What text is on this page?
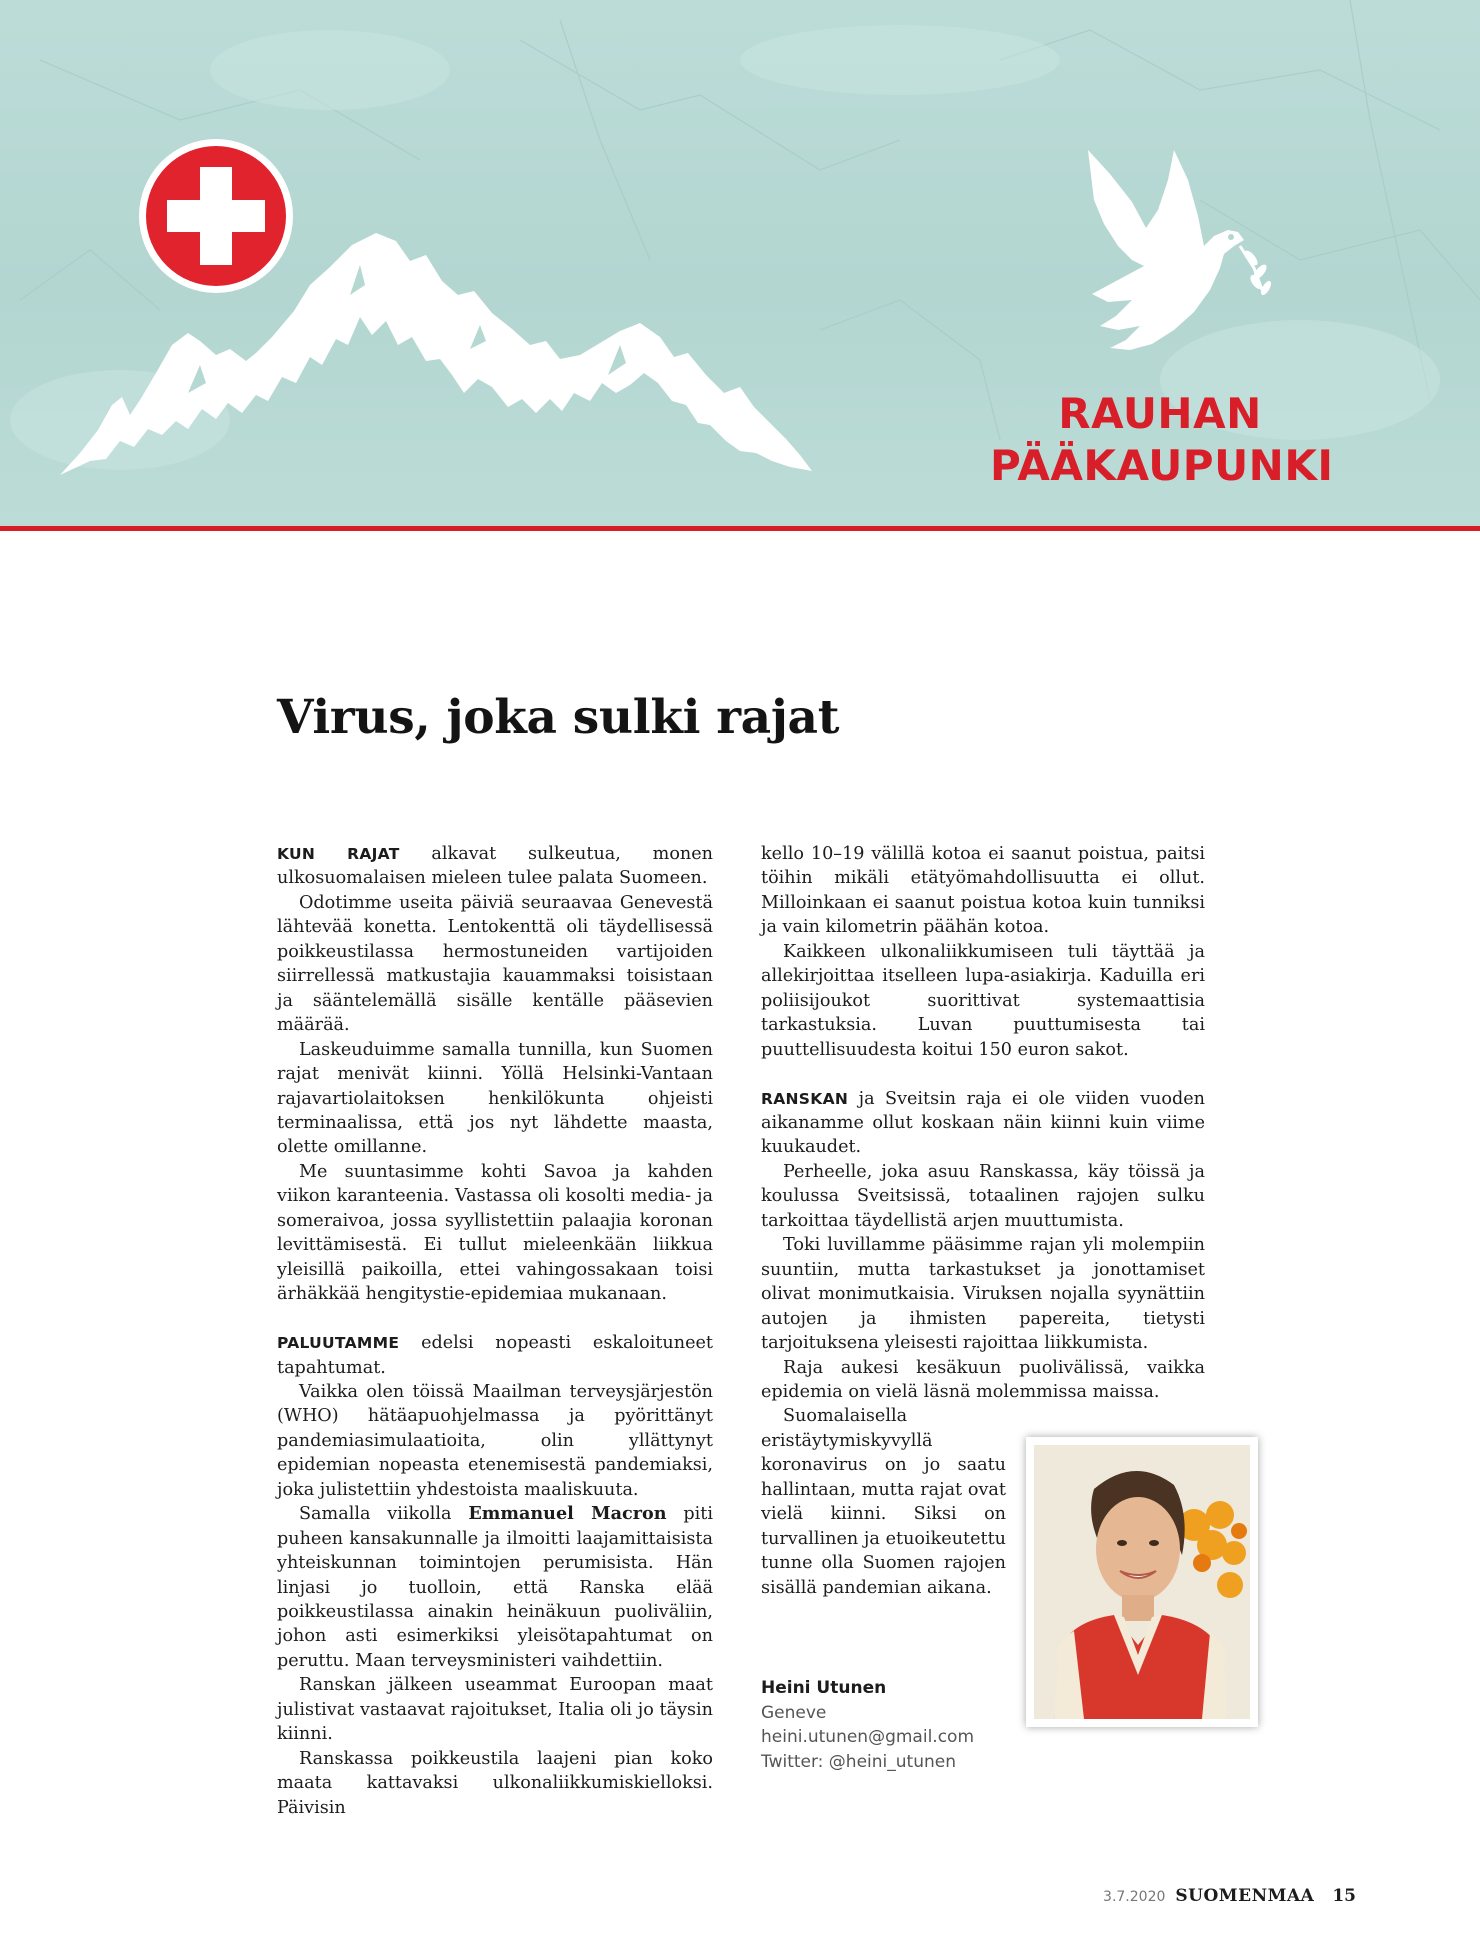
RAUHAN
PÄÄKAUPUNKI
Virus, joka sulki rajat

KUN RAJAT alkavat sulkeutua, monen ulkosuomalaisen mieleen tulee palata Suomeen.

Odotimme useita päiviä seuraavaa Genevestä lähtevää konetta. Lentokenttä oli täydellisessä poikkeustilassa hermostuneiden vartijoiden siirrellessä matkustajia kauammaksi toisistaan ja sääntelemällä sisälle kentälle pääsevien määrää.

Laskeuduimme samalla tunnilla, kun Suomen rajat menivät kiinni. Yöllä Helsinki-Vantaan rajavartiolaitoksen henkilökunta ohjeisti terminaalissa, että jos nyt lähdette maasta, olette omillanne.

Me suuntasimme kohti Savoa ja kahden viikon karanteenia. Vastassa oli kosolti media- ja someraivoa, jossa syyllistettiin palaajia koronan levittämisestä. Ei tullut mieleenkään liikkua yleisillä paikoilla, ettei vahingossakaan toisi ärhäkkää hengitystie-epidemiaa mukanaan.

PALUUTAMME edelsi nopeasti eskaloituneet tapahtumat.

Vaikka olen töissä Maailman terveysjärjestön (WHO) hätäapuohjelmassa ja pyörittänyt pandemiasimulaatioita, olin yllättynyt epidemian nopeasta etenemisestä pandemiaksi, joka julistettiin yhdestoista maaliskuuta.

Samalla viikolla Emmanuel Macron piti puheen kansakunnalle ja ilmoitti laajamittaisista yhteiskunnan toimintojen perumisista. Hän linjasi jo tuolloin, että Ranska elää poikkeustilassa ainakin heinäkuun puoliväliin, johon asti esimerkiksi yleisötapahtumat on peruttu. Maan terveysministeri vaihdettiin.

Ranskan jälkeen useammat Euroopan maat julistivat vastaavat rajoitukset, Italia oli jo täysin kiinni.

Ranskassa poikkeustila laajeni pian koko maata kattavaksi ulkonaliikkumiskielloksi. Päivisin

kello 10–19 välillä kotoa ei saanut poistua, paitsi töihin mikäli etätyömahdollisuutta ei ollut. Milloinkaan ei saanut poistua kotoa kuin tunniksi ja vain kilometrin päähän kotoa.

Kaikkeen ulkonaliikkumiseen tuli täyttää ja allekirjoittaa itselleen lupa-asiakirja. Kaduilla eri poliisijoukot suorittivat systemaattisia tarkastuksia. Luvan puuttumisesta tai puuttellisuudesta koitui 150 euron sakot.

RANSKAN ja Sveitsin raja ei ole viiden vuoden aikanamme ollut koskaan näin kiinni kuin viime kuukaudet.

Perheelle, joka asuu Ranskassa, käy töissä ja koulussa Sveitsissä, totaalinen rajojen sulku tarkoittaa täydellistä arjen muuttumista.

Toki luvillamme pääsimme rajan yli molempiin suuntiin, mutta tarkastukset ja jonottamiset olivat monimutkaisia. Viruksen nojalla syynättiin autojen ja ihmisten papereita, tietysti tarjoituksena yleisesti rajoittaa liikkumista.

Raja aukesi kesäkuun puolivälissä, vaikka epidemia on vielä läsnä molemmissa maissa.

Suomalaisella eristäytymiskyvyllä koronavirus on jo saatu hallintaan, mutta rajat ovat vielä kiinni. Siksi on turvallinen ja etuoikeutettu tunne olla Suomen rajojen sisällä pandemian aikana.

Heini Utunen
Geneve
heini.utunen@gmail.com
Twitter: @heini_utunen
3.7.2020 SUOMENMAA 15
